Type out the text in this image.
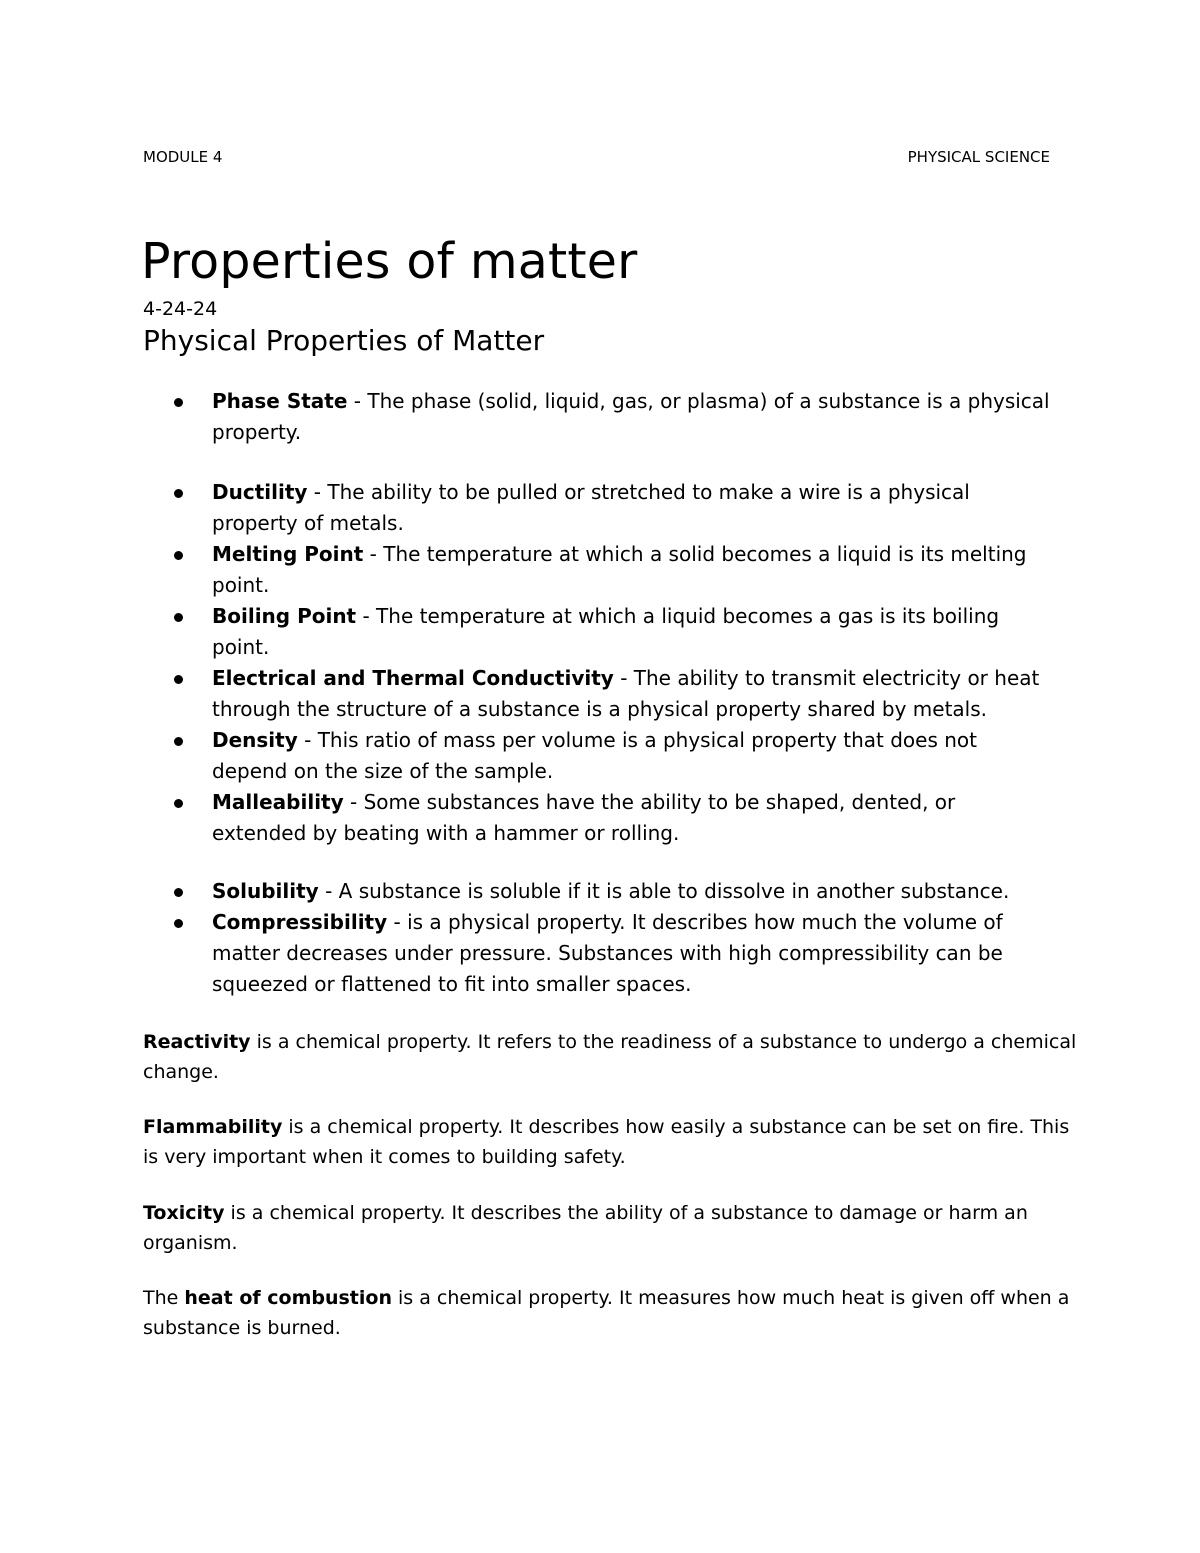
MODULE 4	PHYSICAL SCIENCE
Properties of matter
4-24-24
Physical Properties of Matter
Phase State - The phase (solid, liquid, gas, or plasma) of a substance is a physical
property.
Ductility - The ability to be pulled or stretched to make a wire is a physical
property of metals.
Melting Point - The temperature at which a solid becomes a liquid is its melting
point.
Boiling Point - The temperature at which a liquid becomes a gas is its boiling
point.
Electrical and Thermal Conductivity - The ability to transmit electricity or heat
through the structure of a substance is a physical property shared by metals.
Density - This ratio of mass per volume is a physical property that does not
depend on the size of the sample.
Malleability - Some substances have the ability to be shaped, dented, or
extended by beating with a hammer or rolling.
Solubility - A substance is soluble if it is able to dissolve in another substance.
Compressibility - is a physical property. It describes how much the volume of
matter decreases under pressure. Substances with high compressibility can be
squeezed or flattened to fit into smaller spaces.
Reactivity is a chemical property. It refers to the readiness of a substance to undergo a chemical
change.
Flammability is a chemical property. It describes how easily a substance can be set on fire. This
is very important when it comes to building safety.
Toxicity is a chemical property. It describes the ability of a substance to damage or harm an
organism.
The heat of combustion is a chemical property. It measures how much heat is given off when a
substance is burned.
